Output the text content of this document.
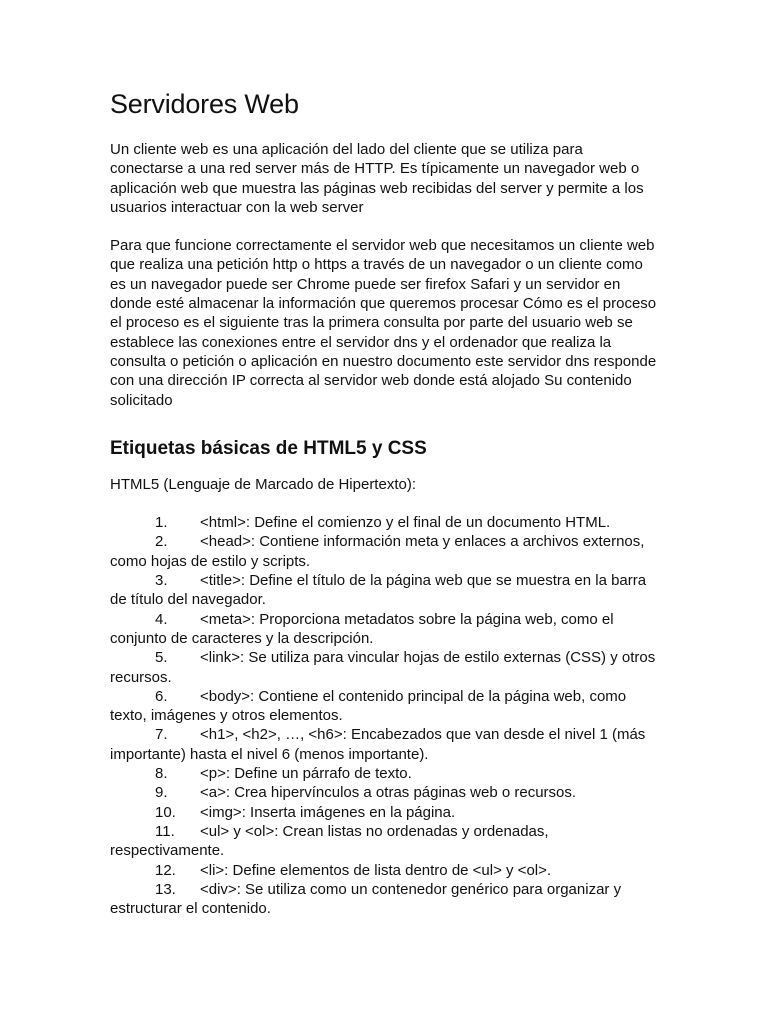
Servidores Web

Un cliente web es una aplicación del lado del cliente que se utiliza para conectarse a una red server más de HTTP. Es típicamente un navegador web o aplicación web que muestra las páginas web recibidas del server y permite a los usuarios interactuar con la web server

Para que funcione correctamente el servidor web que necesitamos un cliente web que realiza una petición http o https a través de un navegador o un cliente como es un navegador puede ser Chrome puede ser firefox Safari y un servidor en donde esté almacenar la información que queremos procesar Cómo es el proceso el proceso es el siguiente tras la primera consulta por parte del usuario web se establece las conexiones entre el servidor dns y el ordenador que realiza la consulta o petición o aplicación en nuestro documento este servidor dns responde con una dirección IP correcta al servidor web donde está alojado Su contenido solicitado

Etiquetas básicas de HTML5 y CSS

HTML5 (Lenguaje de Marcado de Hipertexto):

1. <html>: Define el comienzo y el final de un documento HTML.
2. <head>: Contiene información meta y enlaces a archivos externos, como hojas de estilo y scripts.
3. <title>: Define el título de la página web que se muestra en la barra de título del navegador.
4. <meta>: Proporciona metadatos sobre la página web, como el conjunto de caracteres y la descripción.
5. <link>: Se utiliza para vincular hojas de estilo externas (CSS) y otros recursos.
6. <body>: Contiene el contenido principal de la página web, como texto, imágenes y otros elementos.
7. <h1>, <h2>, …, <h6>: Encabezados que van desde el nivel 1 (más importante) hasta el nivel 6 (menos importante).
8. <p>: Define un párrafo de texto.
9. <a>: Crea hipervínculos a otras páginas web o recursos.
10. <img>: Inserta imágenes en la página.
11. <ul> y <ol>: Crean listas no ordenadas y ordenadas, respectivamente.
12. <li>: Define elementos de lista dentro de <ul> y <ol>.
13. <div>: Se utiliza como un contenedor genérico para organizar y estructurar el contenido.
